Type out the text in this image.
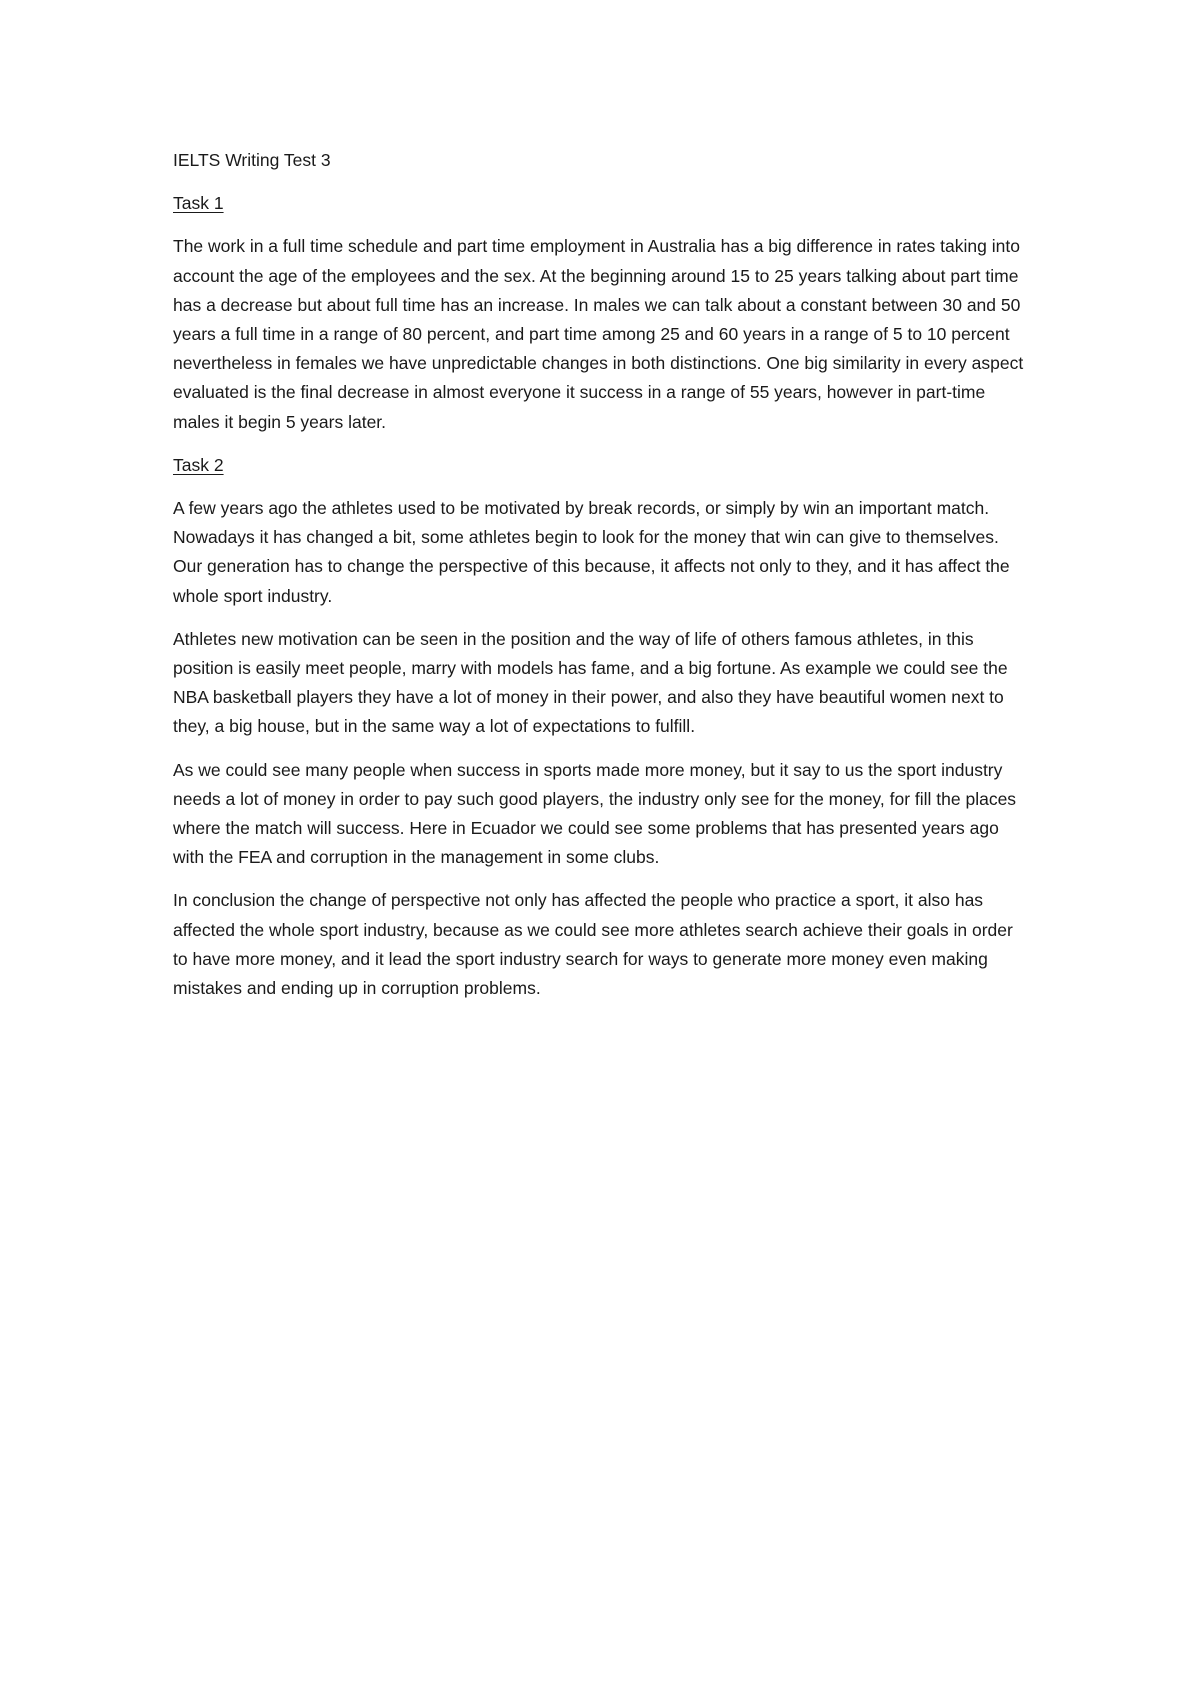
IELTS Writing Test 3
Task 1

The work in a full time schedule and part time employment in Australia has a big difference in rates taking into account the age of the employees and the sex. At the beginning around 15 to 25 years talking about part time has a decrease but about full time has an increase. In males we can talk about a constant between 30 and 50 years a full time in a range of 80 percent, and part time among 25 and 60 years in a range of 5 to 10 percent nevertheless in females we have unpredictable changes in both distinctions. One big similarity in every aspect evaluated is the final decrease in almost everyone it success in a range of 55 years, however in part-time males it begin 5 years later.

Task 2

A few years ago the athletes used to be motivated by break records, or simply by win an important match. Nowadays it has changed a bit, some athletes begin to look for the money that win can give to themselves. Our generation has to change the perspective of this because, it affects not only to they, and it has affect the whole sport industry.

Athletes new motivation can be seen in the position and the way of life of others famous athletes, in this position is easily meet people, marry with models has fame, and a big fortune. As example we could see the NBA basketball players they have a lot of money in their power, and also they have beautiful women next to they, a big house, but in the same way a lot of expectations to fulfill.

As we could see many people when success in sports made more money, but it say to us the sport industry needs a lot of money in order to pay such good players, the industry only see for the money, for fill the places where the match will success. Here in Ecuador we could see some problems that has presented years ago with the FEA and corruption in the management in some clubs.

In conclusion the change of perspective not only has affected the people who practice a sport, it also has affected the whole sport industry, because as we could see more athletes search achieve their goals in order to have more money, and it lead the sport industry search for ways to generate more money even making mistakes and ending up in corruption problems.
